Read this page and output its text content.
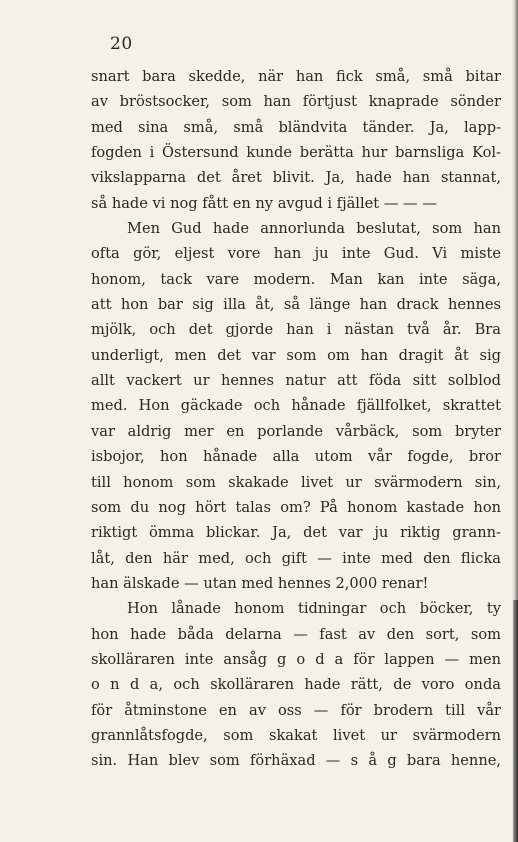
20
snart bara skedde, när han fick små, små bitar
av bröstsocker, som han förtjust knaprade sönder
med sina små, små bländvita tänder. Ja, lapp-
fogden i Östersund kunde berätta hur barnsliga Kol-
vikslapparna det året blivit. Ja, hade han stannat,
så hade vi nog fått en ny avgud i fjället — — —
Men Gud hade annorlunda beslutat, som han
ofta gör, eljest vore han ju inte Gud. Vi miste
honom, tack vare modern. Man kan inte säga,
att hon bar sig illa åt, så länge han drack hennes
mjölk, och det gjorde han i nästan två år. Bra
underligt, men det var som om han dragit åt sig
allt vackert ur hennes natur att föda sitt solblod
med. Hon gäckade och hånade fjällfolket, skrattet
var aldrig mer en porlande vårbäck, som bryter
isbojor, hon hånade alla utom vår fogde, bror
till honom som skakade livet ur svärmodern sin,
som du nog hört talas om? På honom kastade hon
riktigt ömma blickar. Ja, det var ju riktig grann-
låt, den här med, och gift — inte med den flicka
han älskade — utan med hennes 2,000 renar!
Hon lånade honom tidningar och böcker, ty
hon hade båda delarna — fast av den sort, som
skolläraren inte ansåg g o d a för lappen — men
o n d a, och skolläraren hade rätt, de voro onda
för åtminstone en av oss — för brodern till vår
grannlåtsfogde, som skakat livet ur svärmodern
sin. Han blev som förhäxad — s å g bara henne,
